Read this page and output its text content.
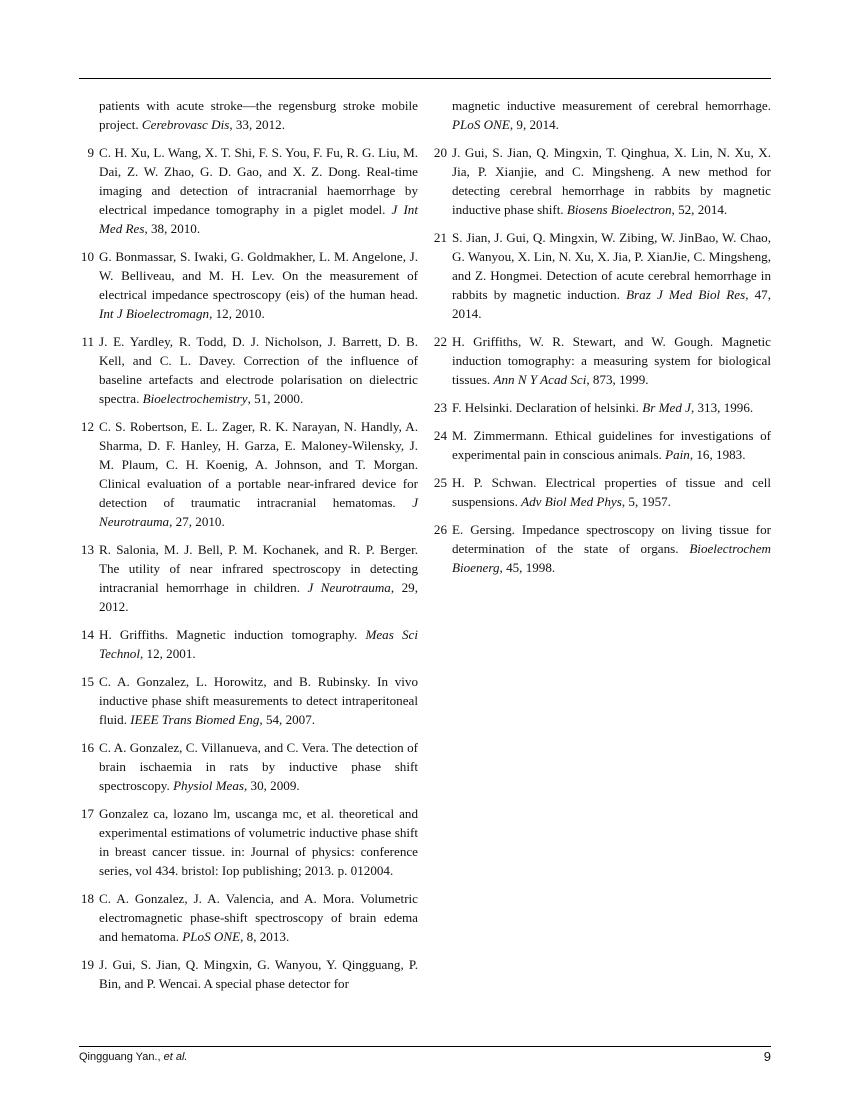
patients with acute stroke—the regensburg stroke mobile project. Cerebrovasc Dis, 33, 2012.
9 C. H. Xu, L. Wang, X. T. Shi, F. S. You, F. Fu, R. G. Liu, M. Dai, Z. W. Zhao, G. D. Gao, and X. Z. Dong. Real-time imaging and detection of intracranial haemorrhage by electrical impedance tomography in a piglet model. J Int Med Res, 38, 2010.
10 G. Bonmassar, S. Iwaki, G. Goldmakher, L. M. Angelone, J. W. Belliveau, and M. H. Lev. On the measurement of electrical impedance spectroscopy (eis) of the human head. Int J Bioelectromagn, 12, 2010.
11 J. E. Yardley, R. Todd, D. J. Nicholson, J. Barrett, D. B. Kell, and C. L. Davey. Correction of the influence of baseline artefacts and electrode polarisation on dielectric spectra. Bioelectrochemistry, 51, 2000.
12 C. S. Robertson, E. L. Zager, R. K. Narayan, N. Handly, A. Sharma, D. F. Hanley, H. Garza, E. Maloney-Wilensky, J. M. Plaum, C. H. Koenig, A. Johnson, and T. Morgan. Clinical evaluation of a portable near-infrared device for detection of traumatic intracranial hematomas. J Neurotrauma, 27, 2010.
13 R. Salonia, M. J. Bell, P. M. Kochanek, and R. P. Berger. The utility of near infrared spectroscopy in detecting intracranial hemorrhage in children. J Neurotrauma, 29, 2012.
14 H. Griffiths. Magnetic induction tomography. Meas Sci Technol, 12, 2001.
15 C. A. Gonzalez, L. Horowitz, and B. Rubinsky. In vivo inductive phase shift measurements to detect intraperitoneal fluid. IEEE Trans Biomed Eng, 54, 2007.
16 C. A. Gonzalez, C. Villanueva, and C. Vera. The detection of brain ischaemia in rats by inductive phase shift spectroscopy. Physiol Meas, 30, 2009.
17 Gonzalez ca, lozano lm, uscanga mc, et al. theoretical and experimental estimations of volumetric inductive phase shift in breast cancer tissue. in: Journal of physics: conference series, vol 434. bristol: Iop publishing; 2013. p. 012004.
18 C. A. Gonzalez, J. A. Valencia, and A. Mora. Volumetric electromagnetic phase-shift spectroscopy of brain edema and hematoma. PLoS ONE, 8, 2013.
19 J. Gui, S. Jian, Q. Mingxin, G. Wanyou, Y. Qingguang, P. Bin, and P. Wencai. A special phase detector for
magnetic inductive measurement of cerebral hemorrhage. PLoS ONE, 9, 2014.
20 J. Gui, S. Jian, Q. Mingxin, T. Qinghua, X. Lin, N. Xu, X. Jia, P. Xianjie, and C. Mingsheng. A new method for detecting cerebral hemorrhage in rabbits by magnetic inductive phase shift. Biosens Bioelectron, 52, 2014.
21 S. Jian, J. Gui, Q. Mingxin, W. Zibing, W. JinBao, W. Chao, G. Wanyou, X. Lin, N. Xu, X. Jia, P. XianJie, C. Mingsheng, and Z. Hongmei. Detection of acute cerebral hemorrhage in rabbits by magnetic induction. Braz J Med Biol Res, 47, 2014.
22 H. Griffiths, W. R. Stewart, and W. Gough. Magnetic induction tomography: a measuring system for biological tissues. Ann N Y Acad Sci, 873, 1999.
23 F. Helsinki. Declaration of helsinki. Br Med J, 313, 1996.
24 M. Zimmermann. Ethical guidelines for investigations of experimental pain in conscious animals. Pain, 16, 1983.
25 H. P. Schwan. Electrical properties of tissue and cell suspensions. Adv Biol Med Phys, 5, 1957.
26 E. Gersing. Impedance spectroscopy on living tissue for determination of the state of organs. Bioelectrochem Bioenerg, 45, 1998.
Qingguang Yan., et al.	9
